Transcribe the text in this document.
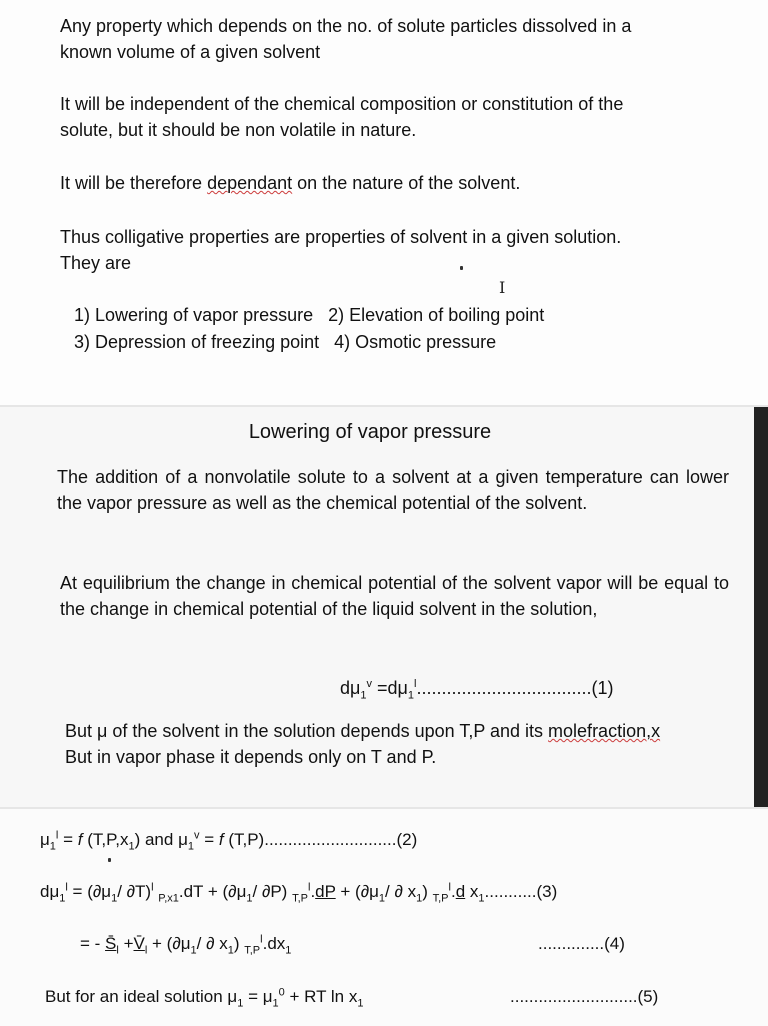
Any property which depends on the no. of solute particles dissolved in a

known volume of a given solvent

It will be independent of the chemical composition or constitution of the

solute, but it should be non volatile in nature.

It will be therefore dependant on the nature of the solvent.

Thus colligative properties are properties of solvent in a given solution.

They are

I

1) Lowering of vapor pressure   2) Elevation of boiling point

3) Depression of freezing point   4) Osmotic pressure

Lowering of vapor pressure

The addition of a nonvolatile solute to a solvent at a given temperature can lower the vapor pressure as well as the chemical potential of the solvent.

At equilibrium the change in chemical potential of the solvent vapor will be equal to the change in chemical potential of the liquid solvent in the solution,

$d\mu_1^v =d\mu_1^l...................................(1)$

But μ of the solvent in the solution depends upon T,P and its molefraction,x

But in vapor phase it depends only on T and P.

$\mu_1^l = f$ $(T,P,x_1)$ and $\mu_1^v = f$ (T,P)............................(2)

$d\mu_1^l = (\partial\mu_1/$ ∂T)$^l$ $_{P,x1}.dT + (\partial\mu_1/$ ∂P) $_{T,P}^l.dP + (\partial\mu_1/$ ∂ $x_1$) $_{T,P}^l$.d $x_1...........(3)$

= - $S̄_l$ $+V̄_l + (\partial\mu_1/$ ∂ $x_1$) $_{T,P}^l.dx_1$	..............(4)

But for an ideal solution $\mu_1 = \mu_1^0$ + RT $\ln x_1$	...........................(5)
